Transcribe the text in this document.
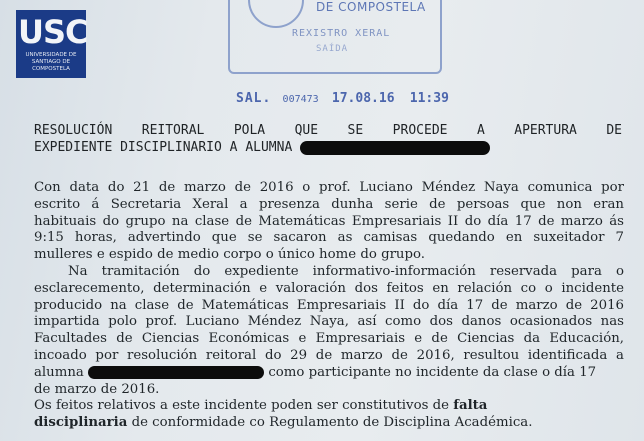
USC
UNIVERSIDADE DE SANTIAGO DE COMPOSTELA
DE COMPOSTELA
REXISTRO XERAL
SAÍDA
SAL. 007473 17.08.16 11:39
RESOLUCIÓN REITORAL POLA QUE SE PROCEDE A APERTURA DE
EXPEDIENTE DISCIPLINARIO A ALUMNA
Con data do 21 de marzo de 2016 o prof. Luciano Méndez Naya comunica por
escrito á Secretaria Xeral a presenza dunha serie de persoas que non eran
habituais do grupo na clase de Matemáticas Empresariais II do día 17 de marzo ás
9:15 horas, advertindo que se sacaron as camisas quedando en suxeitador 7
mulleres e espido de medio corpo o único home do grupo.
Na tramitación do expediente informativo-información reservada para o
esclarecemento, determinación e valoración dos feitos en relación co o incidente
producido na clase de Matemáticas Empresariais II do día 17 de marzo de 2016
impartida polo prof. Luciano Méndez Naya, así como dos danos ocasionados nas
Facultades de Ciencias Económicas e Empresariais e de Ciencias da Educación,
incoado por resolución reitoral do 29 de marzo de 2016, resultou identificada a
alumna	como participante no incidente da clase o día 17
de marzo de 2016.
Os feitos relativos a este incidente poden ser constitutivos de falta
disciplinaria de conformidade co Regulamento de Disciplina Académica.
